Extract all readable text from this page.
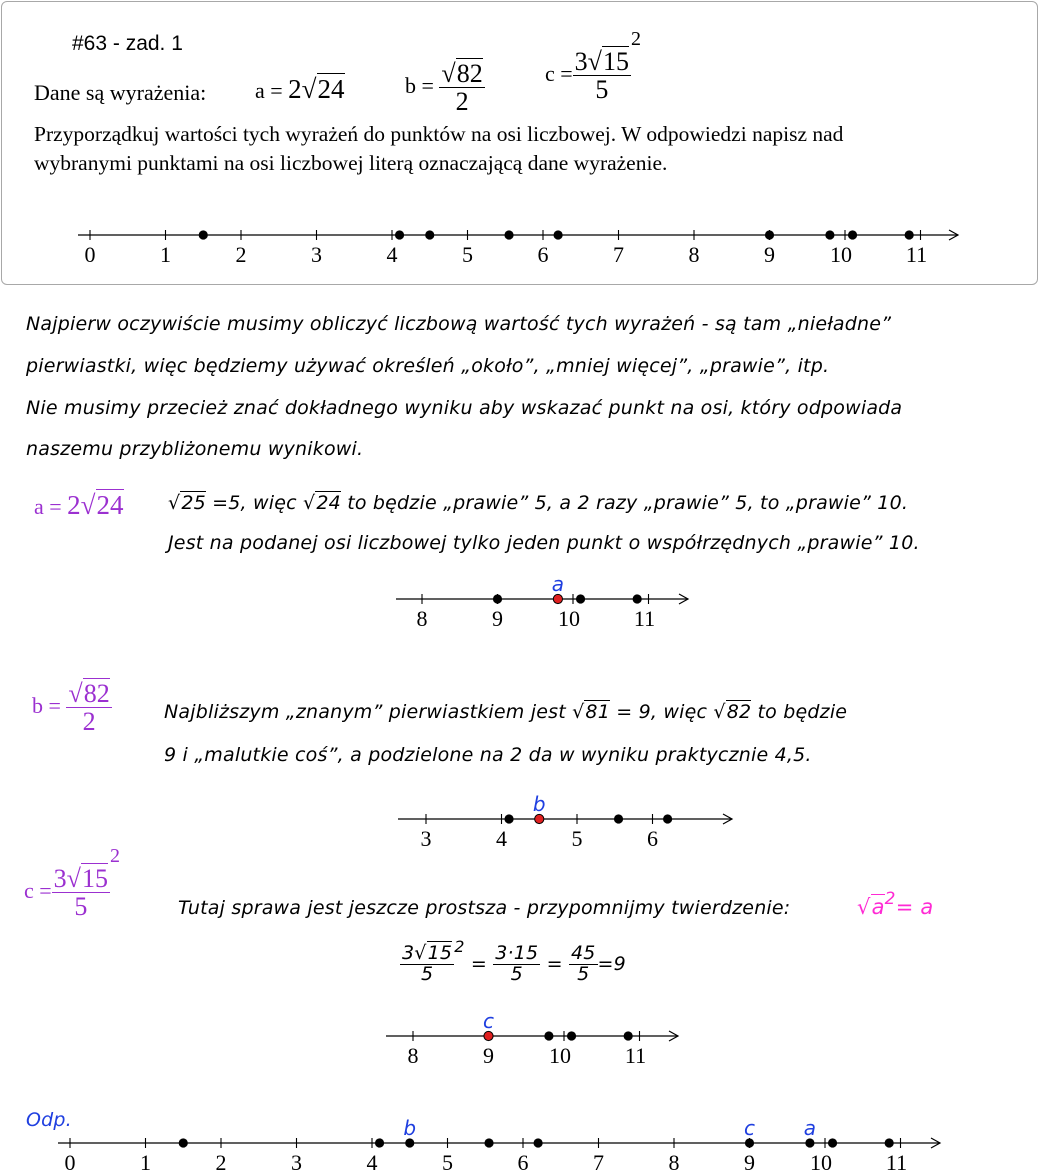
#63 - zad. 1
Dane są wyrażenia: a = 2√24	$b = \frac{√82}{2}$	$c = \frac{3√15}{5}$
2
Przyporządkuj wartości tych wyrażeń do punktów na osi liczbowej. W odpowiedzi napisz nad
wybranymi punktami na osi liczbowej literą oznaczającą dane wyrażenie.
Najpierw oczywiście musimy obliczyć liczbową wartość tych wyrażeń - są tam „nieładne”
pierwiastki, więc będziemy używać określeń „około”, „mniej więcej”, „prawie”, itp.
Nie musimy przecież znać dokładnego wyniku aby wskazać punkt na osi, który odpowiada
naszemu przybliżonemu wynikowi.
a = 2√24 √25 =5, więc √24 to będzie „prawie” 5, a 2 razy „prawie” 5, to „prawie” 10.
Jest na podanej osi liczbowej tylko jeden punkt o współrzędnych „prawie” 10.
$b = \frac{√82}{2}$	Najbliższym „znanym” pierwiastkiem jest √81 = 9, więc √82 to będzie
9 i „malutkie coś”, a podzielone na 2 da w wyniku praktycznie 4,5.
$c = \frac{3√15}{5}$
2
Tutaj sprawa jest jeszcze prostsza - przypomnijmy twierdzenie:	$√a^2= a$
$\frac{3√15}{5} ^2 = \frac{3\cdot 15}{5} = \frac{45}{5} =9$
Odp.
0	1	2	3	4	5	6	7	8	9	10 11
8	9	10 11
a
3	4	5	6
b
8	9	10 11
c
0	1	2	3	4	5	6	7	8	9	10 11
b	c a
